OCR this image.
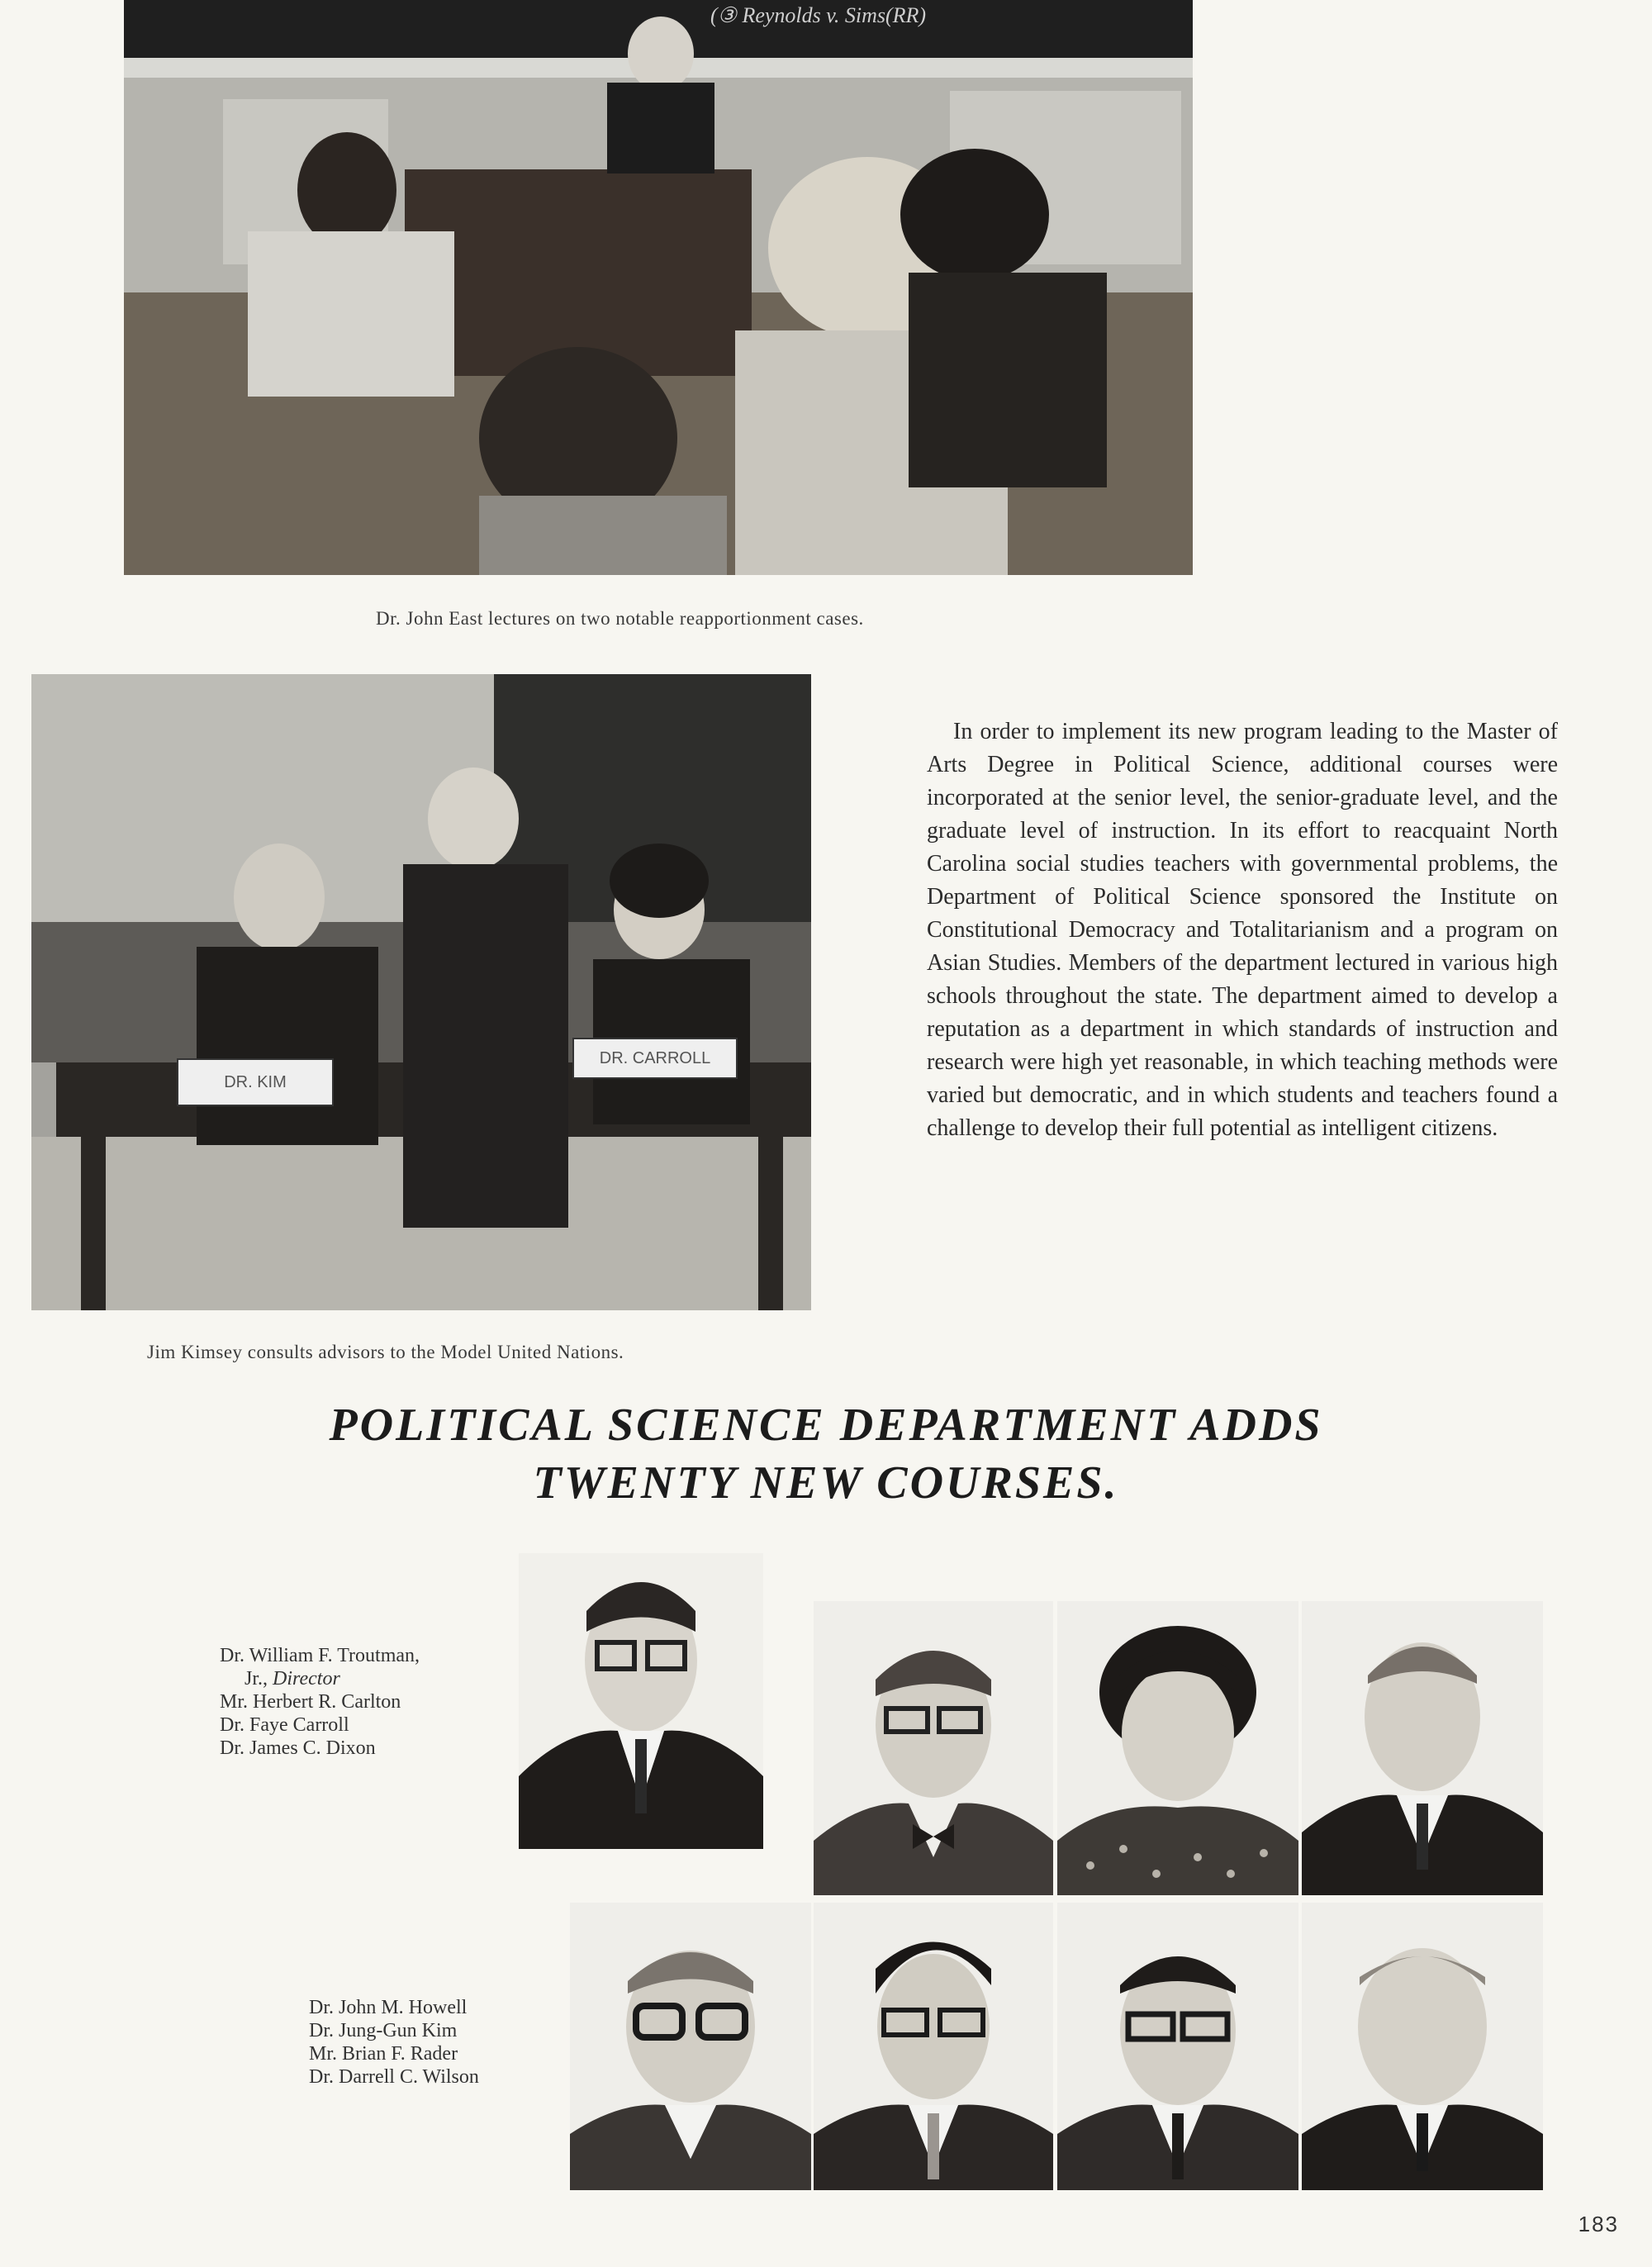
(③ Reynolds v. Sims(RR)
Dr. John East lectures on two notable reapportionment cases.
DR. KIM
DR. CARROLL
Jim Kimsey consults advisors to the Model United Nations.

In order to implement its new program leading to the Master of Arts Degree in Political Science, additional courses were incorporated at the senior level, the senior-graduate level, and the graduate level of instruction. In its effort to reacquaint North Carolina social studies teachers with governmental problems, the Department of Political Science sponsored the Institute on Constitutional Democracy and Totalitarianism and a program on Asian Studies. Members of the department lectured in various high schools throughout the state. The department aimed to develop a reputation as a department in which standards of instruction and research were high yet reasonable, in which teaching methods were varied but democratic, and in which students and teachers found a challenge to develop their full potential as intelligent citizens.

POLITICAL SCIENCE DEPARTMENT ADDS
TWENTY NEW COURSES.
Dr. William F. Troutman,
Jr., Director
Mr. Herbert R. Carlton
Dr. Faye Carroll
Dr. James C. Dixon
Dr. John M. Howell
Dr. Jung-Gun Kim
Mr. Brian F. Rader
Dr. Darrell C. Wilson
183
